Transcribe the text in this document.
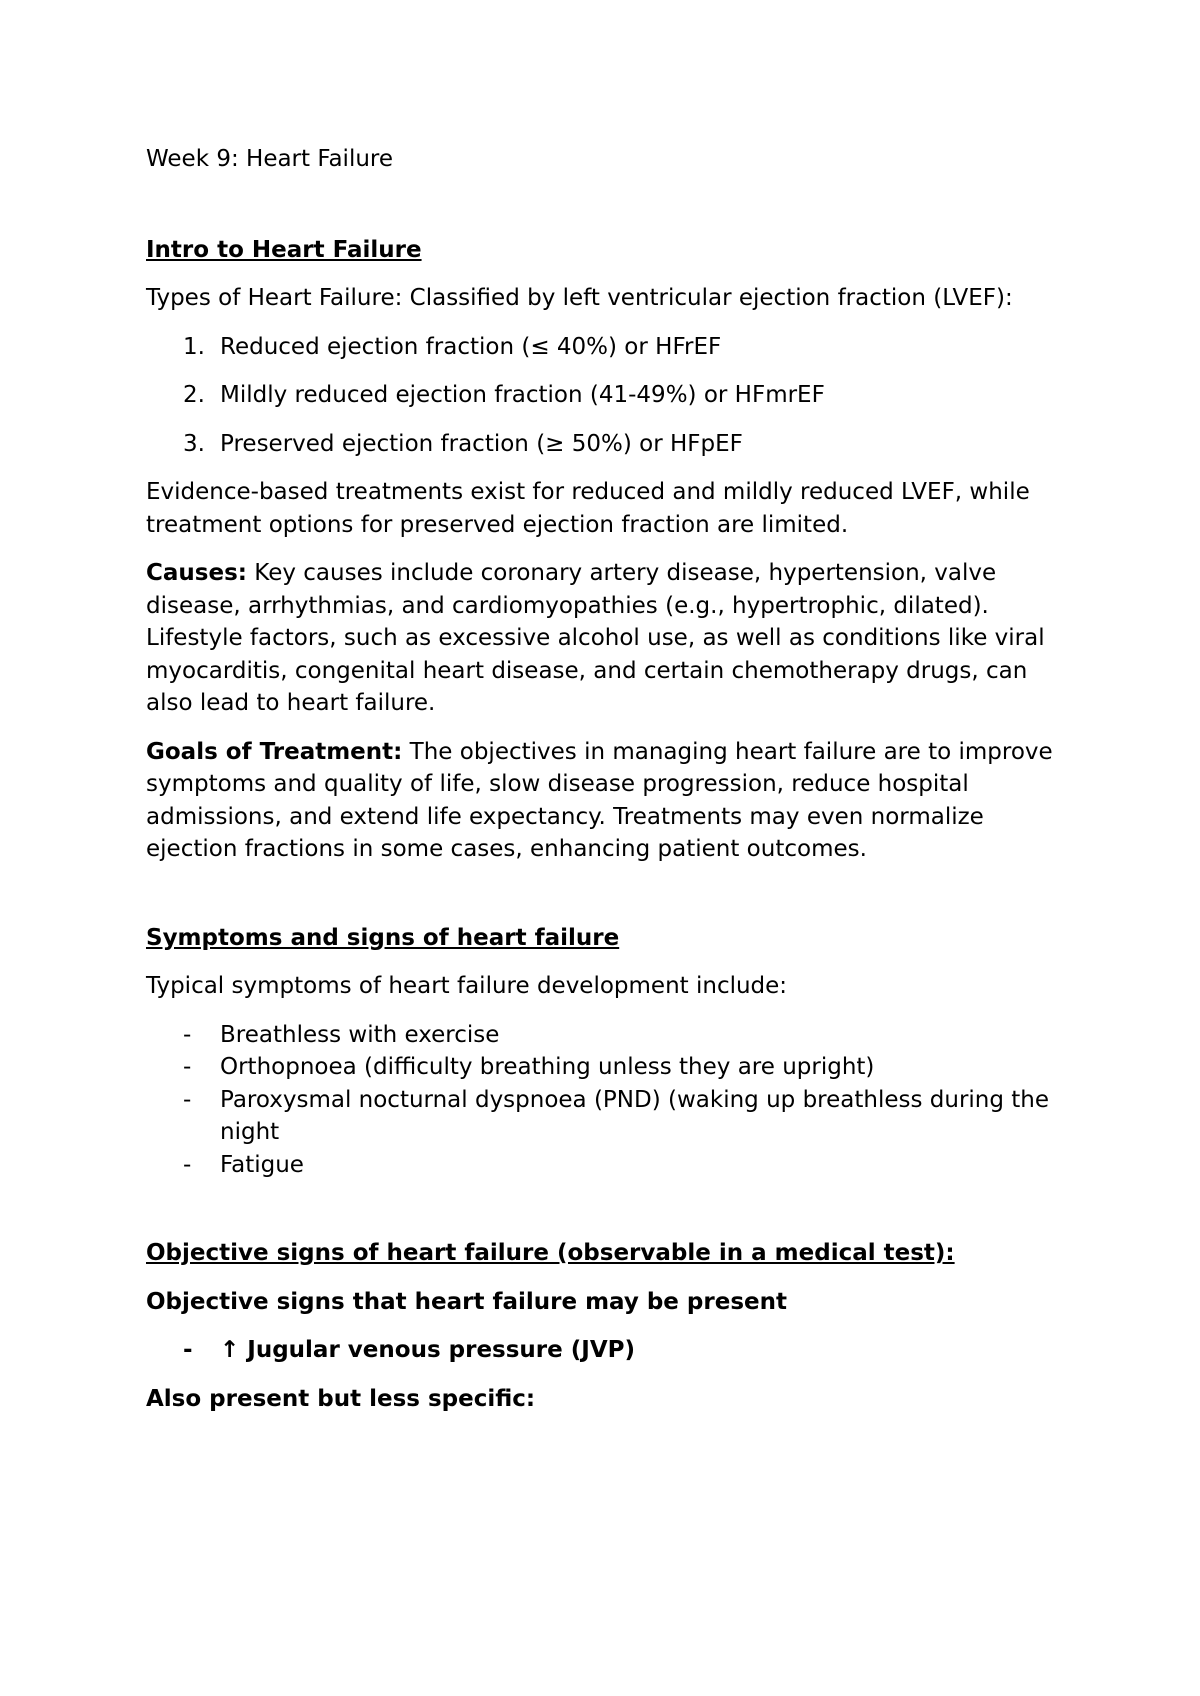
Week 9: Heart Failure
Intro to Heart Failure

Types of Heart Failure: Classified by left ventricular ejection fraction (LVEF):

1. Reduced ejection fraction (≤ 40%) or HFrEF
2. Mildly reduced ejection fraction (41-49%) or HFmrEF
3. Preserved ejection fraction (≥ 50%) or HFpEF

Evidence-based treatments exist for reduced and mildly reduced LVEF, while treatment options for preserved ejection fraction are limited.

Causes: Key causes include coronary artery disease, hypertension, valve disease, arrhythmias, and cardiomyopathies (e.g., hypertrophic, dilated). Lifestyle factors, such as excessive alcohol use, as well as conditions like viral myocarditis, congenital heart disease, and certain chemotherapy drugs, can also lead to heart failure.

Goals of Treatment: The objectives in managing heart failure are to improve symptoms and quality of life, slow disease progression, reduce hospital admissions, and extend life expectancy. Treatments may even normalize ejection fractions in some cases, enhancing patient outcomes.

Symptoms and signs of heart failure

Typical symptoms of heart failure development include:

- Breathless with exercise
- Orthopnoea (difficulty breathing unless they are upright)
- Paroxysmal nocturnal dyspnoea (PND) (waking up breathless during the night
- Fatigue
Objective signs of heart failure (observable in a medical test):

Objective signs that heart failure may be present

- ↑ Jugular venous pressure (JVP)

Also present but less specific:
